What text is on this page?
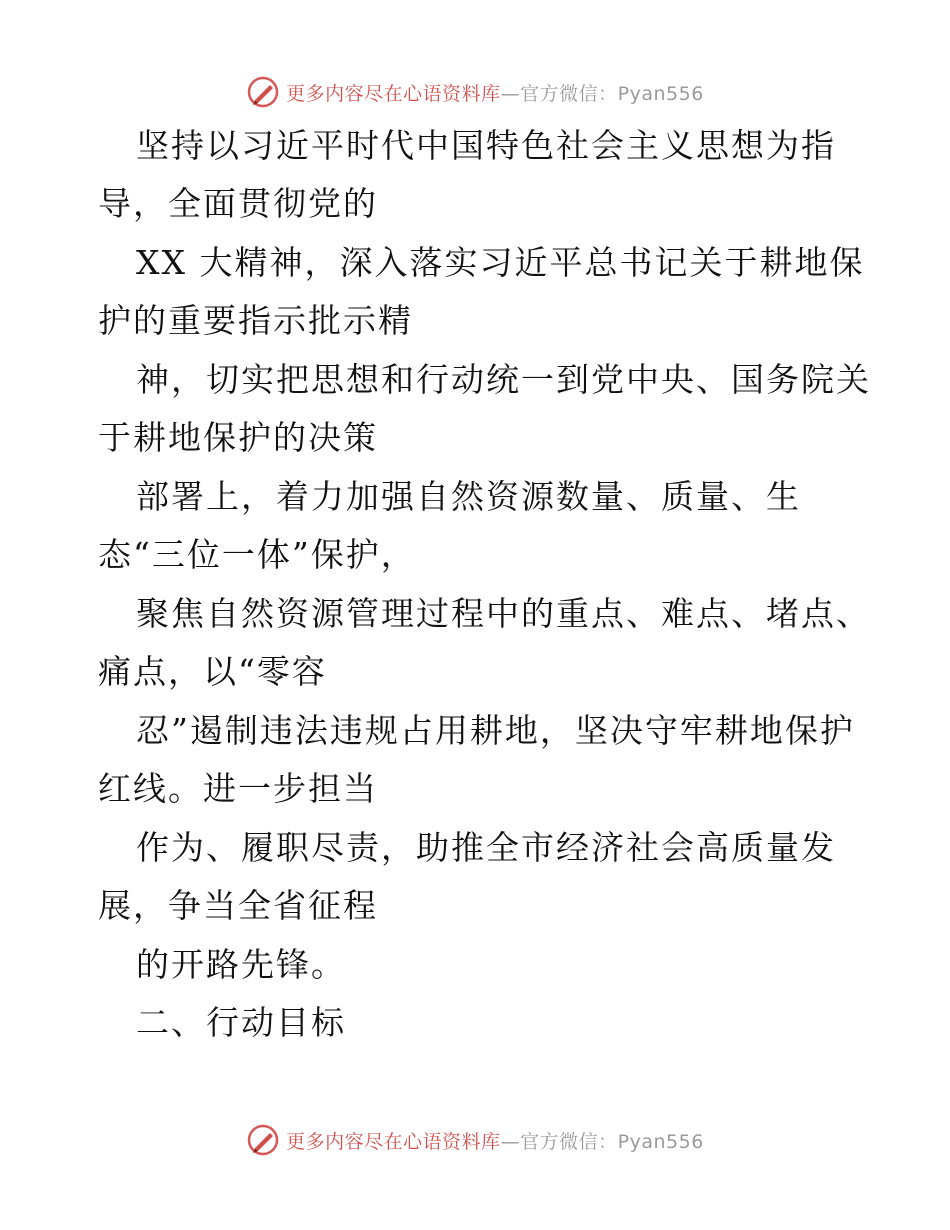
更多内容尽在心语资料库—官方微信：Pyan556
坚持以习近平时代中国特色社会主义思想为指
导，全面贯彻党的
XX 大精神，深入落实习近平总书记关于耕地保
护的重要指示批示精
神，切实把思想和行动统一到党中央、国务院关
于耕地保护的决策
部署上，着力加强自然资源数量、质量、生
态“三位一体”保护，
聚焦自然资源管理过程中的重点、难点、堵点、
痛点，以“零容
忍”遏制违法违规占用耕地，坚决守牢耕地保护
红线。进一步担当
作为、履职尽责，助推全市经济社会高质量发
展，争当全省征程
的开路先锋。
二、行动目标
更多内容尽在心语资料库—官方微信：Pyan556
